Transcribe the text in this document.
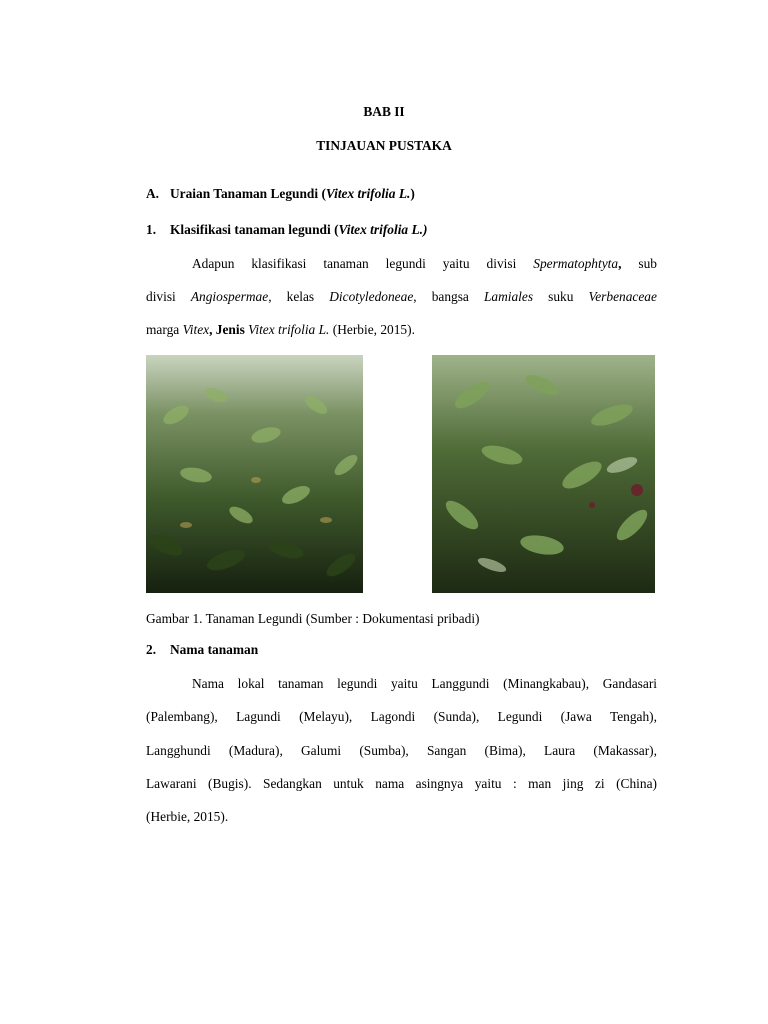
BAB II
TINJAUAN PUSTAKA
A. Uraian Tanaman Legundi (Vitex trifolia L.)
1. Klasifikasi tanaman legundi (Vitex trifolia L.)
Adapun klasifikasi tanaman legundi yaitu divisi Spermatophtyta, sub
divisi Angiospermae, kelas Dicotyledoneae, bangsa Lamiales suku Verbenaceae
marga Vitex, Jenis Vitex trifolia L. (Herbie, 2015).
Gambar 1. Tanaman Legundi (Sumber : Dokumentasi pribadi)
2. Nama tanaman
Nama lokal tanaman legundi yaitu Langgundi (Minangkabau), Gandasari
(Palembang), Lagundi (Melayu), Lagondi (Sunda), Legundi (Jawa Tengah),
Langghundi (Madura), Galumi (Sumba), Sangan (Bima), Laura (Makassar),
Lawarani (Bugis). Sedangkan untuk nama asingnya yaitu : man jing zi (China)
(Herbie, 2015).
